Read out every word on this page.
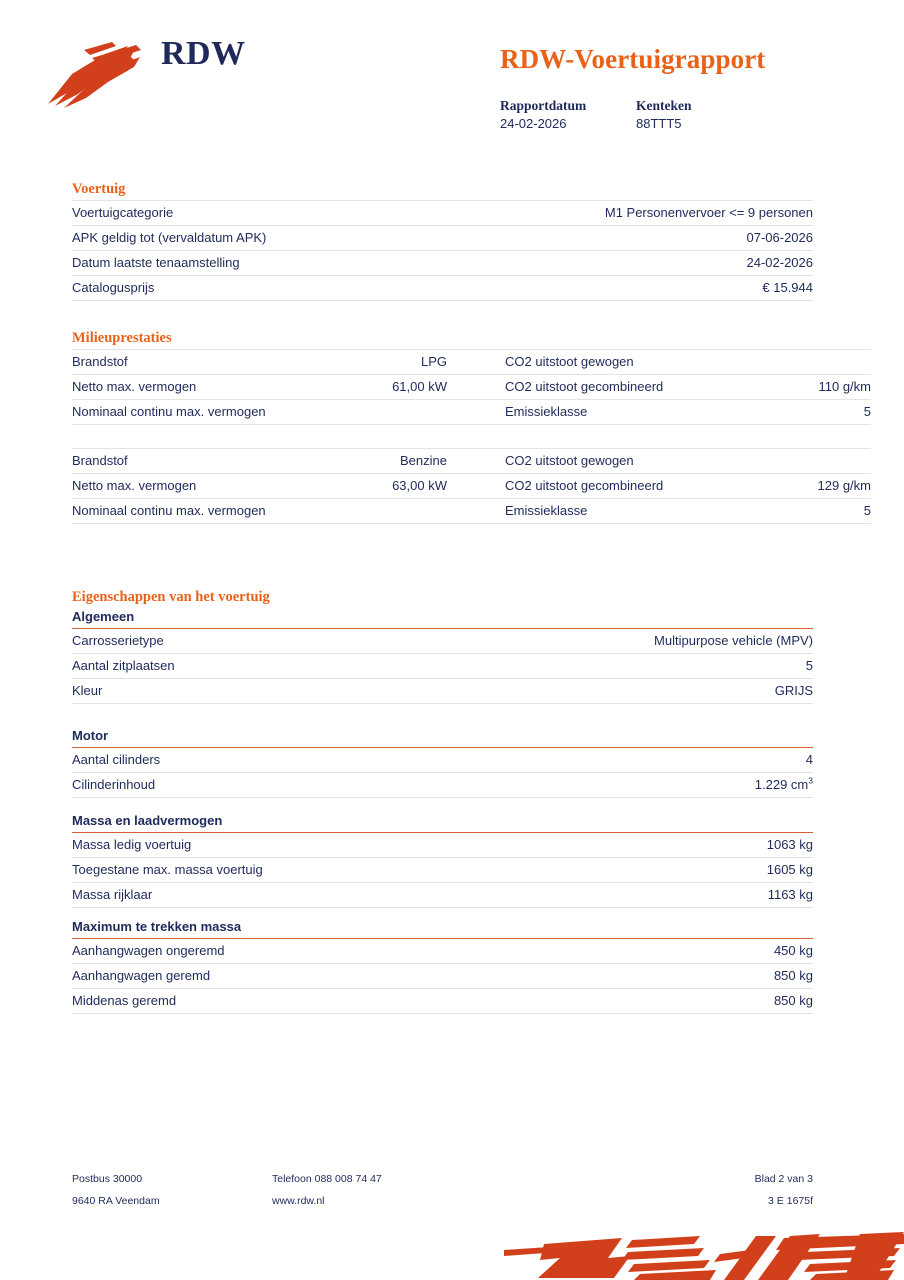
RDW	RDW-Voertuigrapport
Rapportdatum
24-02-2026
Kenteken
88TTT5
Voertuig
Voertuigcategorie	M1 Personenvervoer <= 9 personen
APK geldig tot (vervaldatum APK)	07-06-2026
Datum laatste tenaamstelling	24-02-2026
Catalogusprijs	€ 15.944
Milieuprestaties
Brandstof	LPG	CO2 uitstoot gewogen	
Netto max. vermogen	61,00 kW	CO2 uitstoot gecombineerd	110 g/km
Nominaal continu max. vermogen		Emissieklasse	5
Brandstof	Benzine	CO2 uitstoot gewogen	
Netto max. vermogen	63,00 kW	CO2 uitstoot gecombineerd	129 g/km
Nominaal continu max. vermogen		Emissieklasse	5
Eigenschappen van het voertuig
Algemeen
Carrosserietype	Multipurpose vehicle (MPV)
Aantal zitplaatsen	5
Kleur	GRIJS
Motor
Aantal cilinders	4
Cilinderinhoud	1.229 $cm^3$
Massa en laadvermogen
Massa ledig voertuig	1063 kg
Toegestane max. massa voertuig	1605 kg
Massa rijklaar	1163 kg
Maximum te trekken massa
Aanhangwagen ongeremd	450 kg
Aanhangwagen geremd	850 kg
Middenas geremd	850 kg
Postbus 30000	Telefoon 088 008 74 47	Blad 2 van 3
9640 RA Veendam	www.rdw.nl	3 E 1675f
